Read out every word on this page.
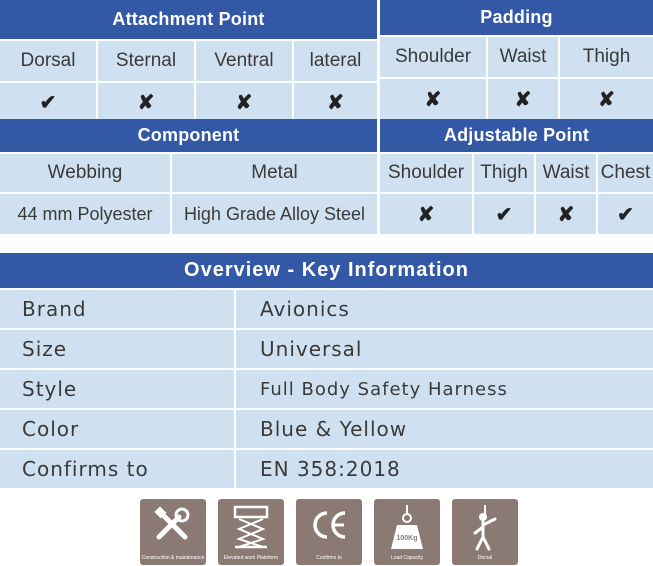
Attachment Point			
Dorsal	Sternal	Ventral	lateral
✔	✘	✘	✘
Padding		
Shoulder	Waist	Thigh
✘	✘	✘
Component	
Webbing	Metal
44 mm Polyester	High Grade Alloy Steel
Adjustable Point			
Shoulder	Thigh	Waist	Chest
✘	✔	✘	✔
Overview - Key Information	
Brand	Avionics
Size	Universal
Style	Full Body Safety Harness
Color	Blue & Yellow
Confirms to	EN 358:2018
Construction & maintenance	Elevated work Plateform	Confirms to
100Kg
Load Capacity	Dorsal
